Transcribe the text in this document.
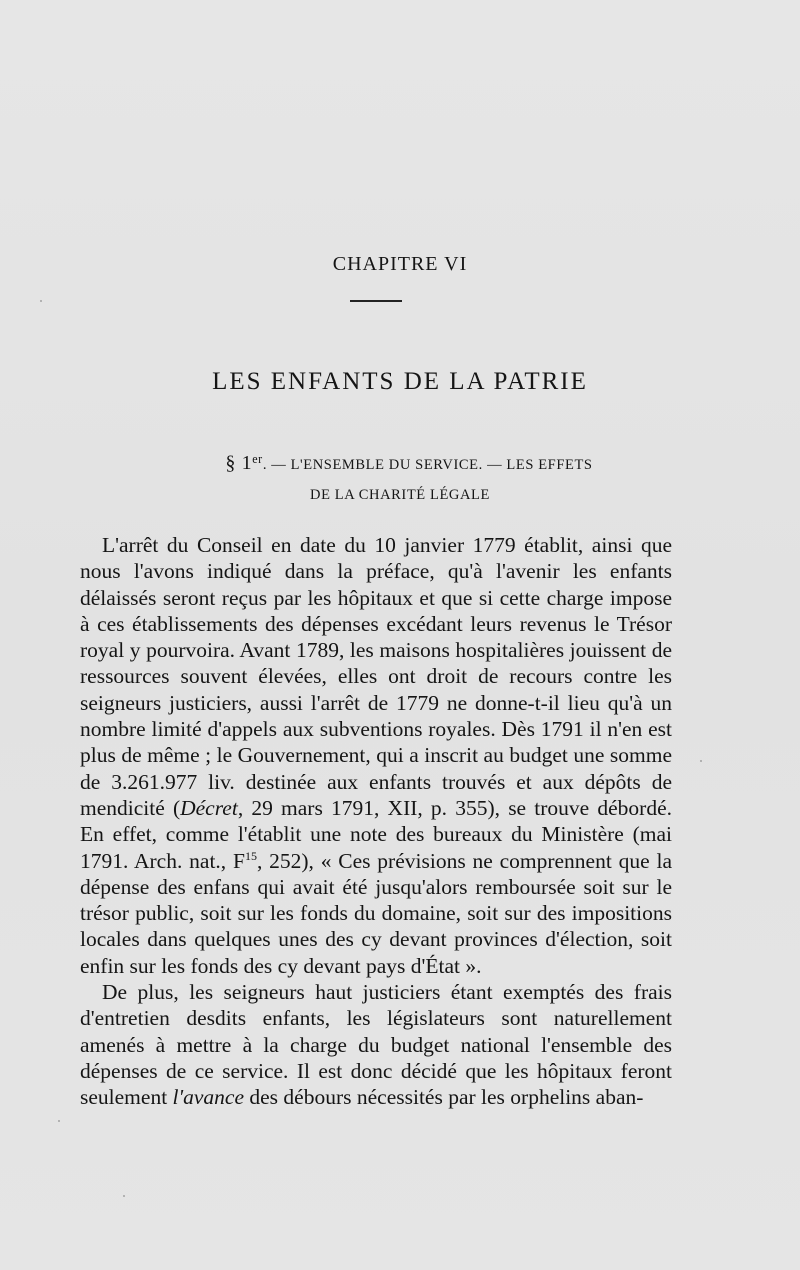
CHAPITRE VI
LES ENFANTS DE LA PATRIE
§ 1er. — L'ENSEMBLE DU SERVICE. — LES EFFETS
DE LA CHARITÉ LÉGALE

L'arrêt du Conseil en date du 10 janvier 1779 établit, ainsi que nous l'avons indiqué dans la préface, qu'à l'avenir les enfants délaissés seront reçus par les hôpitaux et que si cette charge impose à ces établissements des dépenses excédant leurs revenus le Trésor royal y pourvoira. Avant 1789, les maisons hospitalières jouissent de ressources souvent élevées, elles ont droit de recours contre les seigneurs justiciers, aussi l'arrêt de 1779 ne donne-t-il lieu qu'à un nombre limité d'appels aux subventions royales. Dès 1791 il n'en est plus de même ; le Gouvernement, qui a inscrit au budget une somme de 3.261.977 liv. destinée aux enfants trouvés et aux dépôts de mendicité (Décret, 29 mars 1791, XII, p. 355), se trouve débordé. En effet, comme l'établit une note des bureaux du Ministère (mai 1791. Arch. nat., $F^{15}$, 252), « Ces prévisions ne comprennent que la dépense des enfans qui avait été jusqu'alors remboursée soit sur le trésor public, soit sur les fonds du domaine, soit sur des impositions locales dans quelques unes des cy devant provinces d'élection, soit enfin sur les fonds des cy devant pays d'État ».

De plus, les seigneurs haut justiciers étant exemptés des frais d'entretien desdits enfants, les législateurs sont naturellement amenés à mettre à la charge du budget national l'ensemble des dépenses de ce service. Il est donc décidé que les hôpitaux feront seulement l'avance des débours nécessités par les orphelins aban-
